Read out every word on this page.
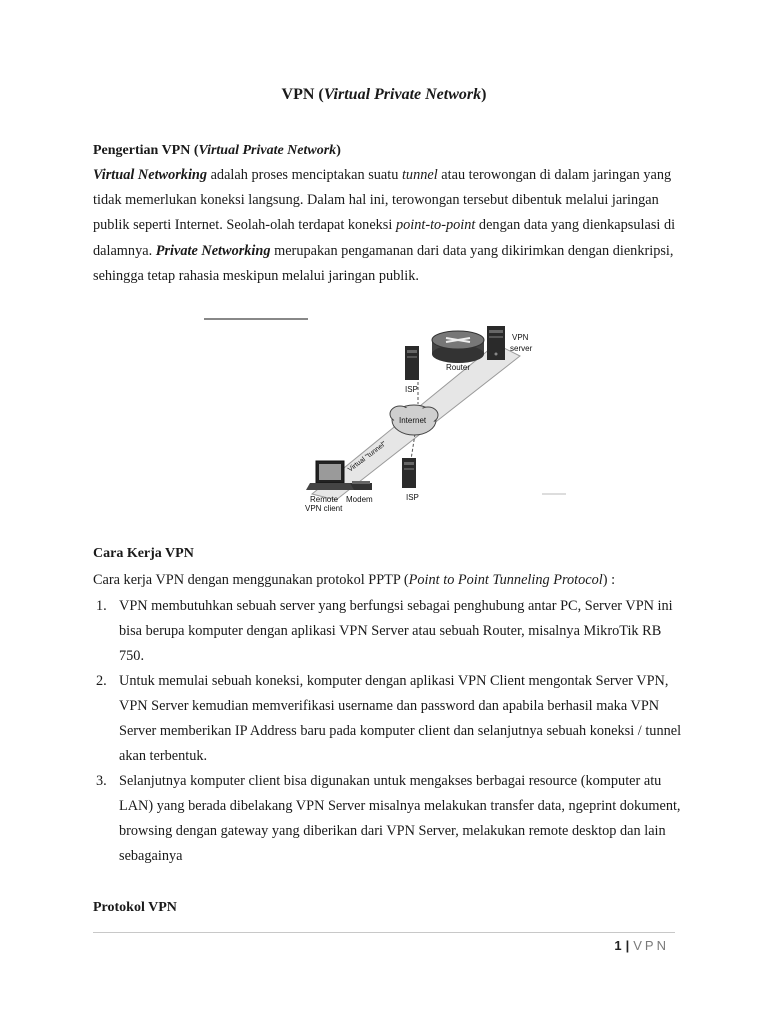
VPN (Virtual Private Network)
Pengertian VPN (Virtual Private Network)
Virtual Networking adalah proses menciptakan suatu tunnel atau terowongan di dalam jaringan yang tidak memerlukan koneksi langsung. Dalam hal ini, terowongan tersebut dibentuk melalui jaringan publik seperti Internet. Seolah-olah terdapat koneksi point-to-point dengan data yang dienkapsulasi di dalamnya. Private Networking merupakan pengamanan dari data yang dikirimkan dengan dienkripsi, sehingga tetap rahasia meskipun melalui jaringan publik.
Router
VPN
server
ISP
Internet
Virtual "tunnel"
ISP
Modem
Remote
VPN client
Cara Kerja VPN
Cara kerja VPN dengan menggunakan protokol PPTP (Point to Point Tunneling Protocol) :
1. VPN membutuhkan sebuah server yang berfungsi sebagai penghubung antar PC, Server VPN ini bisa berupa komputer dengan aplikasi VPN Server atau sebuah Router, misalnya MikroTik RB 750.
2. Untuk memulai sebuah koneksi, komputer dengan aplikasi VPN Client mengontak Server VPN, VPN Server kemudian memverifikasi username dan password dan apabila berhasil maka VPN Server memberikan IP Address baru pada komputer client dan selanjutnya sebuah koneksi / tunnel akan terbentuk.
3. Selanjutnya komputer client bisa digunakan untuk mengakses berbagai resource (komputer atu LAN) yang berada dibelakang VPN Server misalnya melakukan transfer data, ngeprint dokument, browsing dengan gateway yang diberikan dari VPN Server, melakukan remote desktop dan lain sebagainya
Protokol VPN
1 | VPN
